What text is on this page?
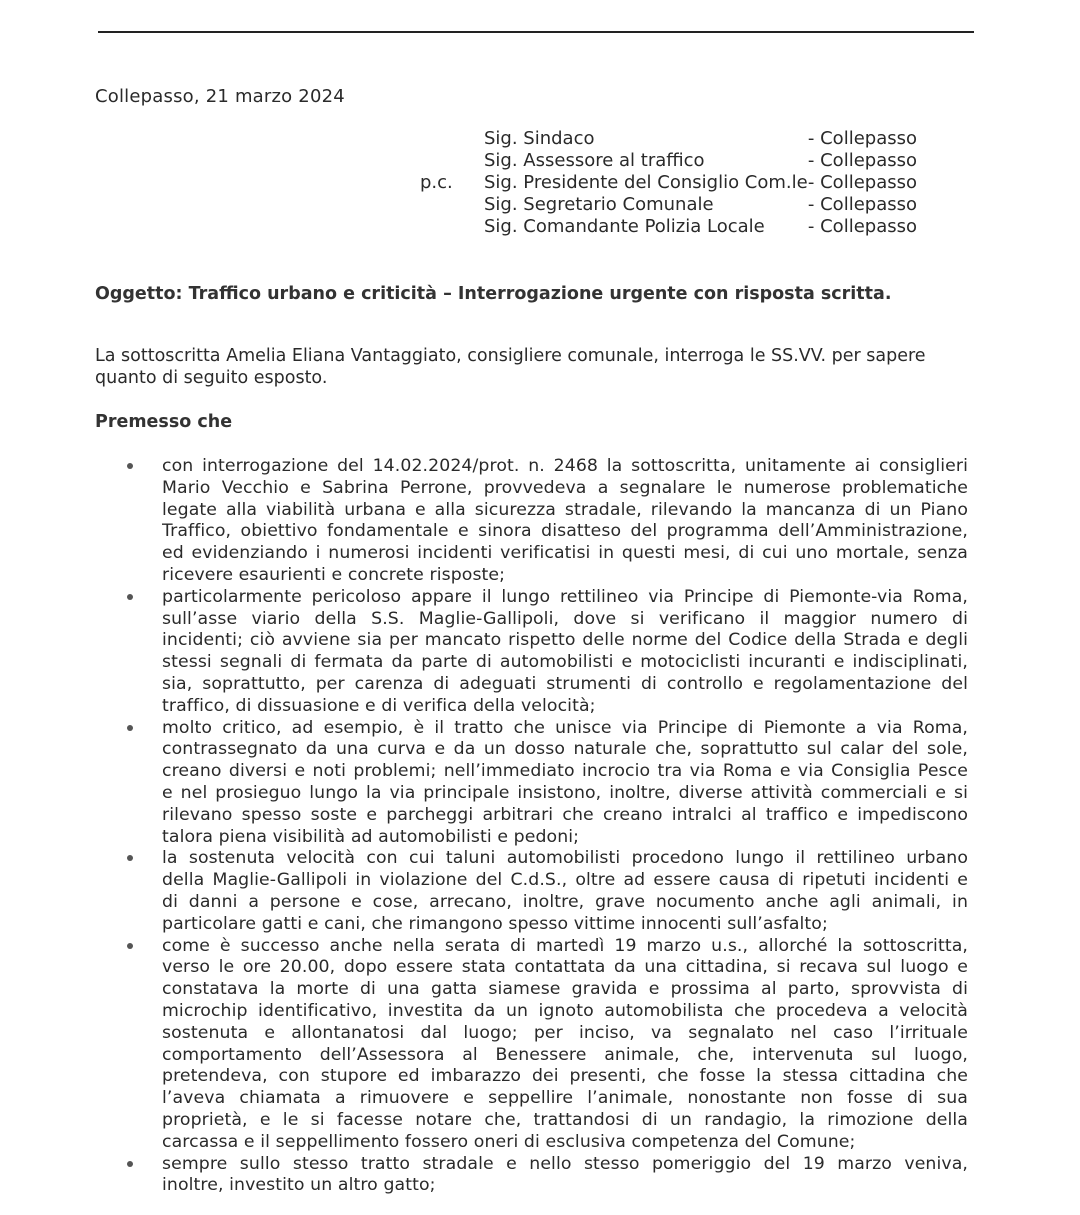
Collepasso, 21 marzo 2024
Sig. Sindaco	- Collepasso
Sig. Assessore al traffico	- Collepasso
p.c. Sig. Presidente del Consiglio Com.le - Collepasso
Sig. Segretario Comunale	- Collepasso
Sig. Comandante Polizia Locale - Collepasso
Oggetto: Traffico urbano e criticità – Interrogazione urgente con risposta scritta.
La sottoscritta Amelia Eliana Vantaggiato, consigliere comunale, interroga le SS.VV. per sapere
quanto di seguito esposto.
Premesso che
con interrogazione del 14.02.2024/prot. n. 2468 la sottoscritta, unitamente ai consiglieri
Mario Vecchio e Sabrina Perrone, provvedeva a segnalare le numerose problematiche
legate alla viabilità urbana e alla sicurezza stradale, rilevando la mancanza di un Piano
Traffico, obiettivo fondamentale e sinora disatteso del programma dell’Amministrazione,
ed evidenziando i numerosi incidenti verificatisi in questi mesi, di cui uno mortale, senza
ricevere esaurienti e concrete risposte;
particolarmente pericoloso appare il lungo rettilineo via Principe di Piemonte-via Roma,
sull’asse viario della S.S. Maglie-Gallipoli, dove si verificano il maggior numero di
incidenti; ciò avviene sia per mancato rispetto delle norme del Codice della Strada e degli
stessi segnali di fermata da parte di automobilisti e motociclisti incuranti e indisciplinati,
sia, soprattutto, per carenza di adeguati strumenti di controllo e regolamentazione del
traffico, di dissuasione e di verifica della velocità;
molto critico, ad esempio, è il tratto che unisce via Principe di Piemonte a via Roma,
contrassegnato da una curva e da un dosso naturale che, soprattutto sul calar del sole,
creano diversi e noti problemi; nell’immediato incrocio tra via Roma e via Consiglia Pesce
e nel prosieguo lungo la via principale insistono, inoltre, diverse attività commerciali e si
rilevano spesso soste e parcheggi arbitrari che creano intralci al traffico e impediscono
talora piena visibilità ad automobilisti e pedoni;
la sostenuta velocità con cui taluni automobilisti procedono lungo il rettilineo urbano
della Maglie-Gallipoli in violazione del C.d.S., oltre ad essere causa di ripetuti incidenti e
di danni a persone e cose, arrecano, inoltre, grave nocumento anche agli animali, in
particolare gatti e cani, che rimangono spesso vittime innocenti sull’asfalto;
come è successo anche nella serata di martedì 19 marzo u.s., allorché la sottoscritta,
verso le ore 20.00, dopo essere stata contattata da una cittadina, si recava sul luogo e
constatava la morte di una gatta siamese gravida e prossima al parto, sprovvista di
microchip identificativo, investita da un ignoto automobilista che procedeva a velocità
sostenuta e allontanatosi dal luogo; per inciso, va segnalato nel caso l’irrituale
comportamento dell’Assessora al Benessere animale, che, intervenuta sul luogo,
pretendeva, con stupore ed imbarazzo dei presenti, che fosse la stessa cittadina che
l’aveva chiamata a rimuovere e seppellire l’animale, nonostante non fosse di sua
proprietà, e le si facesse notare che, trattandosi di un randagio, la rimozione della
carcassa e il seppellimento fossero oneri di esclusiva competenza del Comune;
sempre sullo stesso tratto stradale e nello stesso pomeriggio del 19 marzo veniva,
inoltre, investito un altro gatto;
